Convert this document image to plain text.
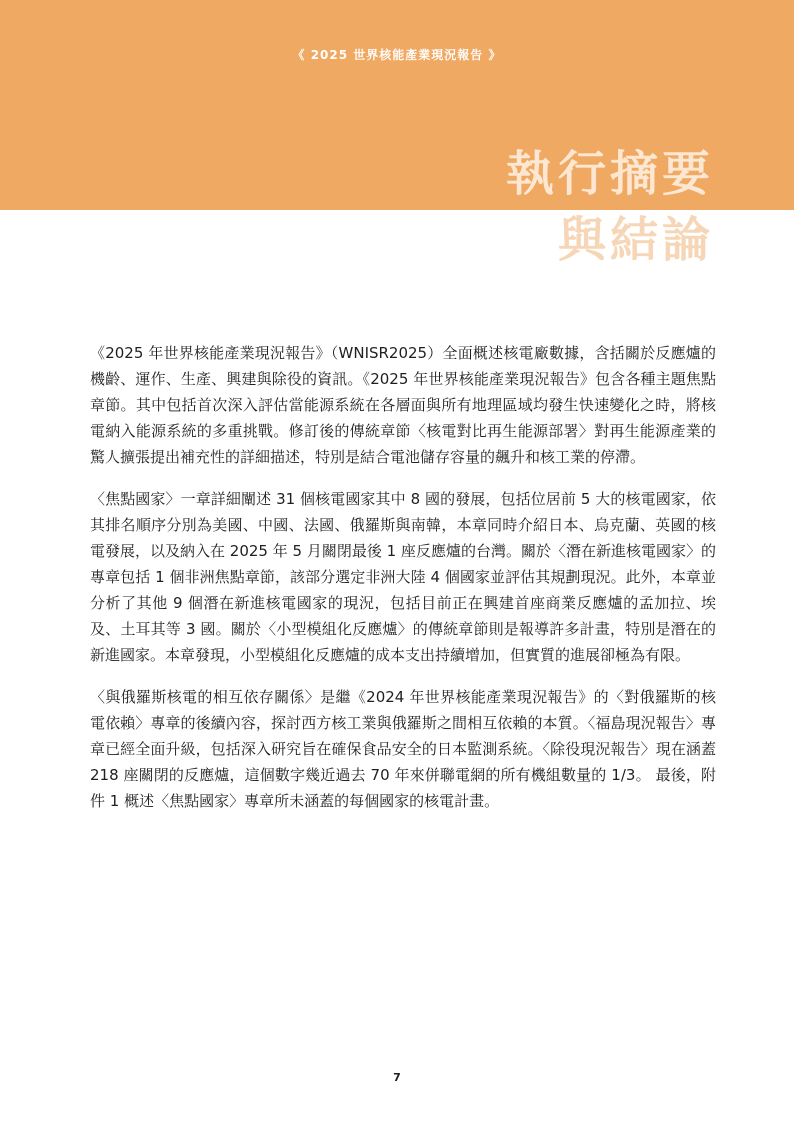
《 2025 世界核能產業現況報告 》
執行摘要
與結論

《2025 年世界核能產業現況報告》（WNISR2025）全面概述核電廠數據，含括關於反應爐的機齡、運作、生產、興建與除役的資訊。《2025 年世界核能產業現況報告》包含各種主題焦點章節。其中包括首次深入評估當能源系統在各層面與所有地理區域均發生快速變化之時，將核電納入能源系統的多重挑戰。修訂後的傳統章節〈核電對比再生能源部署〉對再生能源產業的驚人擴張提出補充性的詳細描述，特別是結合電池儲存容量的飆升和核工業的停滯。

〈焦點國家〉一章詳細闡述 31 個核電國家其中 8 國的發展，包括位居前 5 大的核電國家，依其排名順序分別為美國、中國、法國、俄羅斯與南韓，本章同時介紹日本、烏克蘭、英國的核電發展，以及納入在 2025 年 5 月關閉最後 1 座反應爐的台灣。關於〈潛在新進核電國家〉的專章包括 1 個非洲焦點章節，該部分選定非洲大陸 4 個國家並評估其規劃現況。此外，本章並分析了其他 9 個潛在新進核電國家的現況，包括目前正在興建首座商業反應爐的孟加拉、埃及、土耳其等 3 國。關於〈小型模組化反應爐〉的傳統章節則是報導許多計畫，特別是潛在的新進國家。本章發現，小型模組化反應爐的成本支出持續增加，但實質的進展卻極為有限。

〈與俄羅斯核電的相互依存關係〉是繼《2024 年世界核能產業現況報告》的〈對俄羅斯的核電依賴〉專章的後續內容，探討西方核工業與俄羅斯之間相互依賴的本質。〈福島現況報告〉專章已經全面升級，包括深入研究旨在確保食品安全的日本監測系統。〈除役現況報告〉現在涵蓋 218 座關閉的反應爐，這個數字幾近過去 70 年來併聯電網的所有機組數量的 1/3。 最後，附件 1 概述〈焦點國家〉專章所未涵蓋的每個國家的核電計畫。

7
